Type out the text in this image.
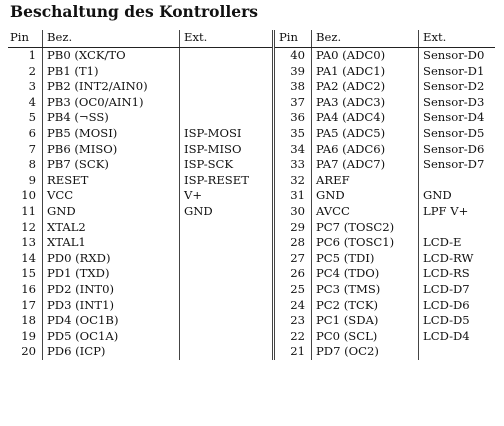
Beschaltung des Kontrollers
Pin	Bez.	Ext.	Pin	Bez.	Ext.
1	PB0 (XCK/TO		40	PA0 (ADC0)	Sensor-D0
2	PB1 (T1)		39	PA1 (ADC1)	Sensor-D1
3	PB2 (INT2/AIN0)		38	PA2 (ADC2)	Sensor-D2
4	PB3 (OC0/AIN1)		37	PA3 (ADC3)	Sensor-D3
5	PB4 (¬SS)		36	PA4 (ADC4)	Sensor-D4
6	PB5 (MOSI)	ISP-MOSI	35	PA5 (ADC5)	Sensor-D5
7	PB6 (MISO)	ISP-MISO	34	PA6 (ADC6)	Sensor-D6
8	PB7 (SCK)	ISP-SCK	33	PA7 (ADC7)	Sensor-D7
9	RESET	ISP-RESET	32	AREF	
10	VCC	V+	31	GND	GND
11	GND	GND	30	AVCC	LPF V+
12	XTAL2		29	PC7 (TOSC2)	
13	XTAL1		28	PC6 (TOSC1)	LCD-E
14	PD0 (RXD)		27	PC5 (TDI)	LCD-RW
15	PD1 (TXD)		26	PC4 (TDO)	LCD-RS
16	PD2 (INT0)		25	PC3 (TMS)	LCD-D7
17	PD3 (INT1)		24	PC2 (TCK)	LCD-D6
18	PD4 (OC1B)		23	PC1 (SDA)	LCD-D5
19	PD5 (OC1A)		22	PC0 (SCL)	LCD-D4
20	PD6 (ICP)		21	PD7 (OC2)	
